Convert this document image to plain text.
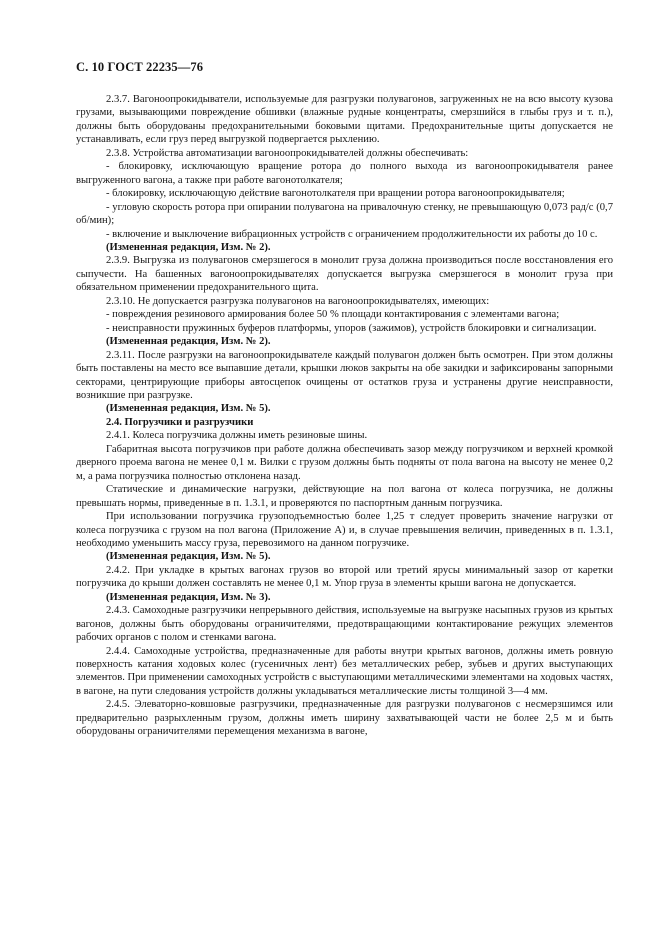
С. 10 ГОСТ 22235—76

2.3.7. Вагоноопрокидыватели, используемые для разгрузки полувагонов, загруженных не на всю высоту кузова грузами, вызывающими повреждение обшивки (влажные рудные концентраты, смерзшийся в глыбы груз и т. п.), должны быть оборудованы предохранительными боковыми щитами. Предохранительные щиты допускается не устанавливать, если груз перед выгрузкой подвергается рыхлению.

2.3.8. Устройства автоматизации вагоноопрокидывателей должны обеспечивать:

- блокировку, исключающую вращение ротора до полного выхода из вагоноопрокидывателя ранее выгруженного вагона, а также при работе вагонотолкателя;

- блокировку, исключающую действие вагонотолкателя при вращении ротора вагоноопрокидывателя;

- угловую скорость ротора при опирании полувагона на привалочную стенку, не превышающую 0,073 рад/с (0,7 об/мин);

- включение и выключение вибрационных устройств с ограничением продолжительности их работы до 10 с.

(Измененная редакция, Изм. № 2).

2.3.9. Выгрузка из полувагонов смерзшегося в монолит груза должна производиться после восстановления его сыпучести. На башенных вагоноопрокидывателях допускается выгрузка смерзшегося в монолит груза при обязательном применении предохранительного щита.

2.3.10. Не допускается разгрузка полувагонов на вагоноопрокидывателях, имеющих:

- повреждения резинового армирования более 50 % площади контактирования с элементами вагона;

- неисправности пружинных буферов платформы, упоров (зажимов), устройств блокировки и сигнализации.

(Измененная редакция, Изм. № 2).

2.3.11. После разгрузки на вагоноопрокидывателе каждый полувагон должен быть осмотрен. При этом должны быть поставлены на место все выпавшие детали, крышки люков закрыты на обе закидки и зафиксированы запорными секторами, центрирующие приборы автосцепок очищены от остатков груза и устранены другие неисправности, возникшие при разгрузке.

(Измененная редакция, Изм. № 5).

2.4. Погрузчики и разгрузчики

2.4.1. Колеса погрузчика должны иметь резиновые шины.

Габаритная высота погрузчиков при работе должна обеспечивать зазор между погрузчиком и верхней кромкой дверного проема вагона не менее 0,1 м. Вилки с грузом должны быть подняты от пола вагона на высоту не менее 0,2 м, а рама погрузчика полностью отклонена назад.

Статические и динамические нагрузки, действующие на пол вагона от колеса погрузчика, не должны превышать нормы, приведенные в п. 1.3.1, и проверяются по паспортным данным погрузчика.

При использовании погрузчика грузоподъемностью более 1,25 т следует проверить значение нагрузки от колеса погрузчика с грузом на пол вагона (Приложение А) и, в случае превышения величин, приведенных в п. 1.3.1, необходимо уменьшить массу груза, перевозимого на данном погрузчике.

(Измененная редакция, Изм. № 5).

2.4.2. При укладке в крытых вагонах грузов во второй или третий ярусы минимальный зазор от каретки погрузчика до крыши должен составлять не менее 0,1 м. Упор груза в элементы крыши вагона не допускается.

(Измененная редакция, Изм. № 3).

2.4.3. Самоходные разгрузчики непрерывного действия, используемые на выгрузке насыпных грузов из крытых вагонов, должны быть оборудованы ограничителями, предотвращающими контактирование режущих элементов рабочих органов с полом и стенками вагона.

2.4.4. Самоходные устройства, предназначенные для работы внутри крытых вагонов, должны иметь ровную поверхность катания ходовых колес (гусеничных лент) без металлических ребер, зубьев и других выступающих элементов. При применении самоходных устройств с выступающими металлическими элементами на ходовых частях, в вагоне, на пути следования устройств должны укладываться металлические листы толщиной 3—4 мм.

2.4.5. Элеваторно-ковшовые разгрузчики, предназначенные для разгрузки полувагонов с несмерзшимся или предварительно разрыхленным грузом, должны иметь ширину захватывающей части не более 2,5 м и быть оборудованы ограничителями перемещения механизма в вагоне,
